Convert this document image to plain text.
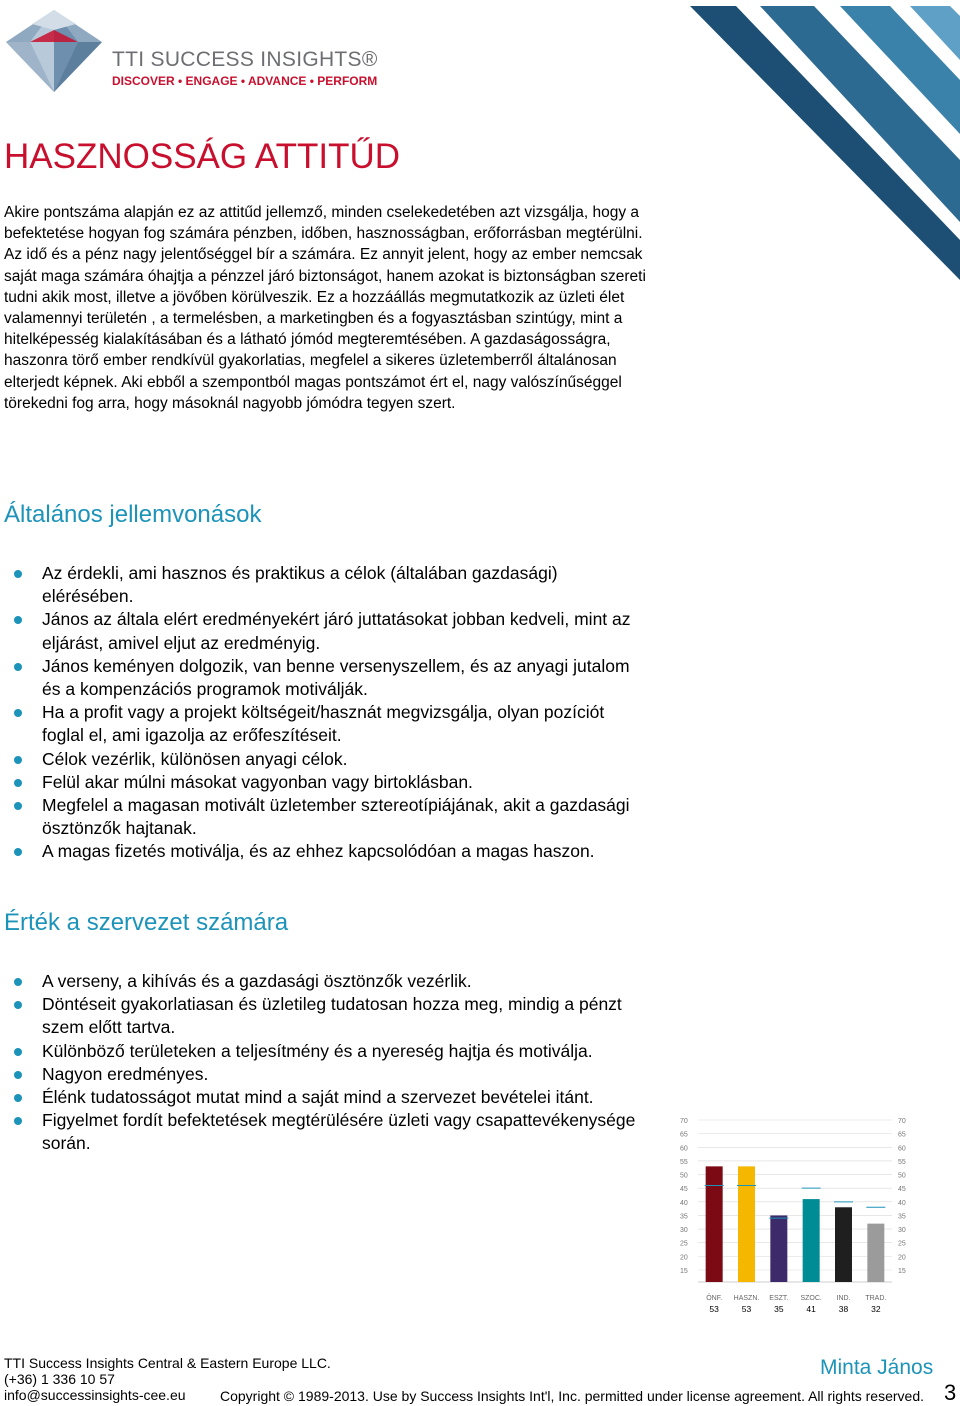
TTI SUCCESS INSIGHTS®
DISCOVER • ENGAGE • ADVANCE • PERFORM
HASZNOSSÁG ATTITŰD
Akire pontszáma alapján ez az attitűd jellemző, minden cselekedetében azt vizsgálja, hogy a befektetése hogyan fog számára pénzben, időben, hasznosságban, erőforrásban megtérülni. Az idő és a pénz nagy jelentőséggel bír a számára. Ez annyit jelent, hogy az ember nemcsak saját maga számára óhajtja a pénzzel járó biztonságot, hanem azokat is biztonságban szereti tudni akik most, illetve a jövőben körülveszik. Ez a hozzáállás megmutatkozik az üzleti élet valamennyi területén , a termelésben, a marketingben és a fogyasztásban szintúgy, mint a hitelképesség kialakításában és a látható jómód megteremtésében. A gazdaságosságra, haszonra törő ember rendkívül gyakorlatias, megfelel a sikeres üzletemberről általánosan elterjedt képnek. Aki ebből a szempontból magas pontszámot ért el, nagy valószínűséggel törekedni fog arra, hogy másoknál nagyobb jómódra tegyen szert.
Általános jellemvonások
Az érdekli, ami hasznos és praktikus a célok (általában gazdasági) elérésében.
János az általa elért eredményekért járó juttatásokat jobban kedveli, mint az eljárást, amivel eljut az eredményig.
János keményen dolgozik, van benne versenyszellem, és az anyagi jutalom és a kompenzációs programok motiválják.
Ha a profit vagy a projekt költségeit/hasznát megvizsgálja, olyan pozíciót foglal el, ami igazolja az erőfeszítéseit.
Célok vezérlik, különösen anyagi célok.
Felül akar múlni másokat vagyonban vagy birtoklásban.
Megfelel a magasan motivált üzletember sztereotípiájának, akit a gazdasági ösztönzők hajtanak.
A magas fizetés motiválja, és az ehhez kapcsolódóan a magas haszon.
Érték a szervezet számára
A verseny, a kihívás és a gazdasági ösztönzők vezérlik.
Döntéseit gyakorlatiasan és üzletileg tudatosan hozza meg, mindig a pénzt szem előtt tartva.
Különböző területeken a teljesítmény és a nyereség hajtja és motiválja.
Nagyon eredményes.
Élénk tudatosságot mutat mind a saját mind a szervezet bevételei itánt.
Figyelmet fordít befektetések megtérülésére üzleti vagy csapattevékenysége során.
70	70
65	65
60	60
55	55
50	50
45	45
40	40
35	35
30	30
25	25
20	20
15	15
ÖNF.
53
HASZN.
53
ESZT.
35
SZOC.
41
IND.
38
TRAD.
32
TTI Success Insights Central & Eastern Europe LLC.
(+36) 1 336 10 57
info@successinsights-cee.eu
Minta János
Copyright © 1989-2013. Use by Success Insights Int'l, Inc. permitted under license agreement. All rights reserved. 3
